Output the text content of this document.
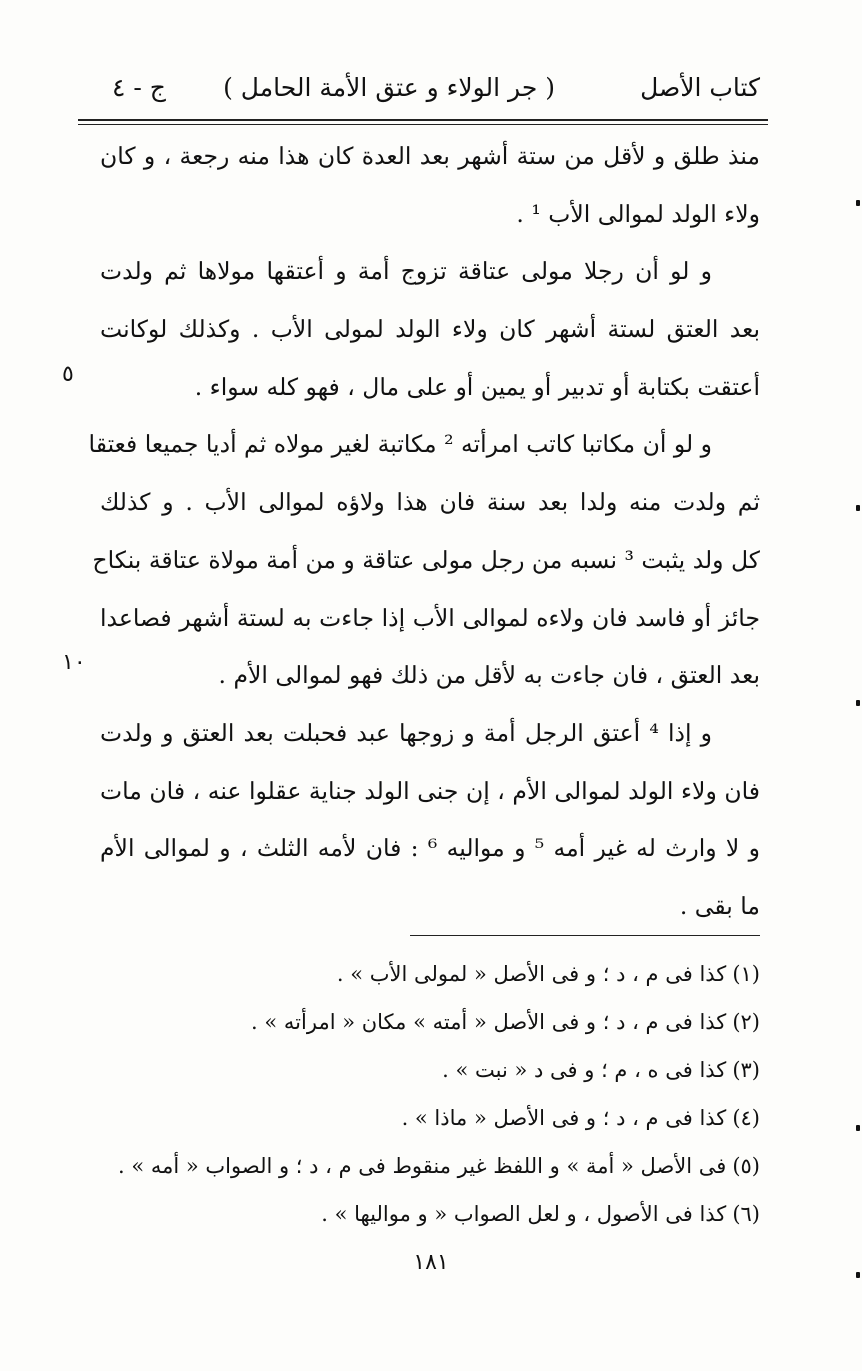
كتاب الأصل
( جر الولاء و عتق الأمة الحامل )
ج - ٤
منذ طلق و لأقل من ستة أشهر بعد العدة كان هذا منه رجعة ، و كان
ولاء الولد لموالى الأب ¹ .
و لو أن رجلا مولى عتاقة تزوج أمة و أعتقها مولاها ثم ولدت
بعد العتق لستة أشهر كان ولاء الولد لمولى الأب . وكذلك لوكانت
أعتقت بكتابة أو تدبير أو يمين أو على مال ، فهو كله سواء .
و لو أن مكاتبا كاتب امرأته ² مكاتبة لغير مولاه ثم أديا جميعا فعتقا
ثم ولدت منه ولدا بعد سنة فان هذا ولاؤه لموالى الأب . و كذلك
كل ولد يثبت ³ نسبه من رجل مولى عتاقة و من أمة مولاة عتاقة بنكاح
جائز أو فاسد فان ولاءه لموالى الأب إذا جاءت به لستة أشهر فصاعدا
بعد العتق ، فان جاءت به لأقل من ذلك فهو لموالى الأم .
و إذا ⁴ أعتق الرجل أمة و زوجها عبد فحبلت بعد العتق و ولدت
فان ولاء الولد لموالى الأم ، إن جنى الولد جناية عقلوا عنه ، فان مات
و لا وارث له غير أمه ⁵ و مواليه ⁶ : فان لأمه الثلث ، و لموالى الأم
ما بقى .
٥
١٠
(١)كذا فى م ، د ؛ و فى الأصل « لمولى الأب » .
(٢)كذا فى م ، د ؛ و فى الأصل « أمته » مكان « امرأته » .
(٣)كذا فى ه ، م ؛ و فى د « نبت » .
(٤)كذا فى م ، د ؛ و فى الأصل « ماذا » .
(٥)فى الأصل « أمة » و اللفظ غير منقوط فى م ، د ؛ و الصواب « أمه » .
(٦)كذا فى الأصول ، و لعل الصواب « و مواليها » .
١٨١
